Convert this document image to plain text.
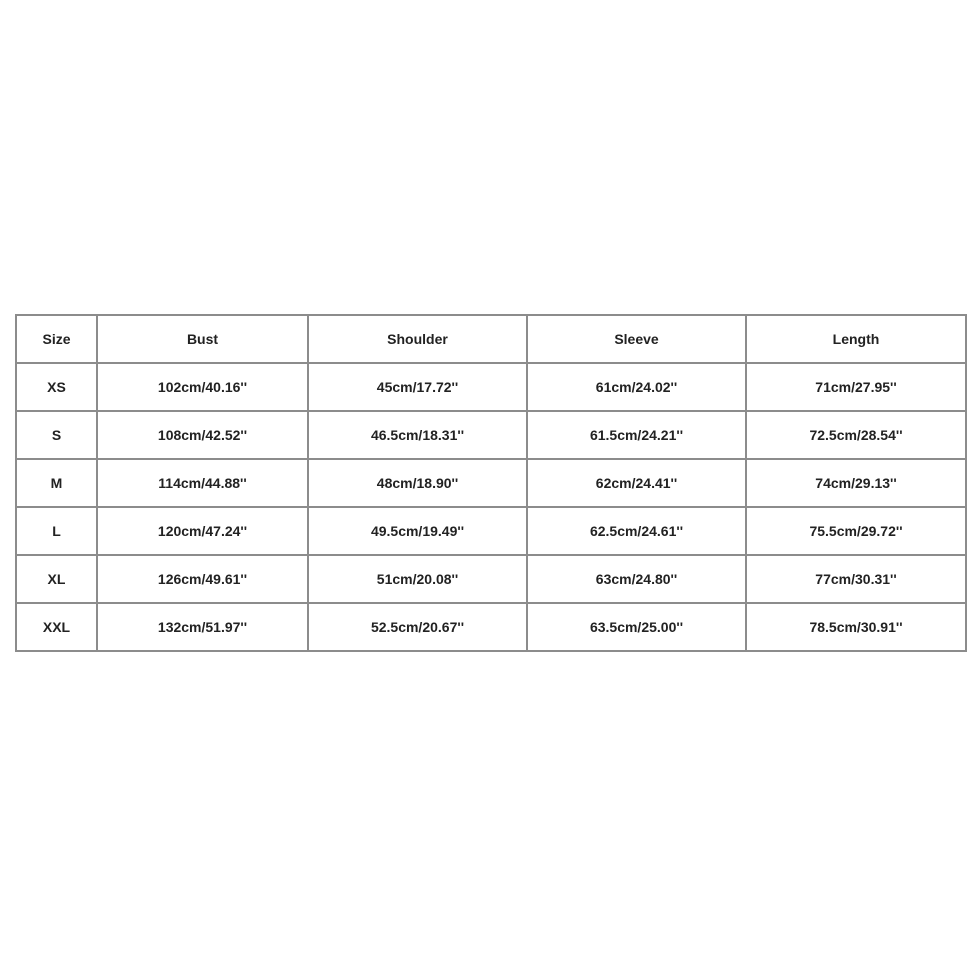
Size	Bust	Shoulder	Sleeve	Length
XS	102cm/40.16''	45cm/17.72''	61cm/24.02''	71cm/27.95''
S	108cm/42.52''	46.5cm/18.31''	61.5cm/24.21''	72.5cm/28.54''
M	114cm/44.88''	48cm/18.90''	62cm/24.41''	74cm/29.13''
L	120cm/47.24''	49.5cm/19.49''	62.5cm/24.61''	75.5cm/29.72''
XL	126cm/49.61''	51cm/20.08''	63cm/24.80''	77cm/30.31''
XXL	132cm/51.97''	52.5cm/20.67''	63.5cm/25.00''	78.5cm/30.91''
